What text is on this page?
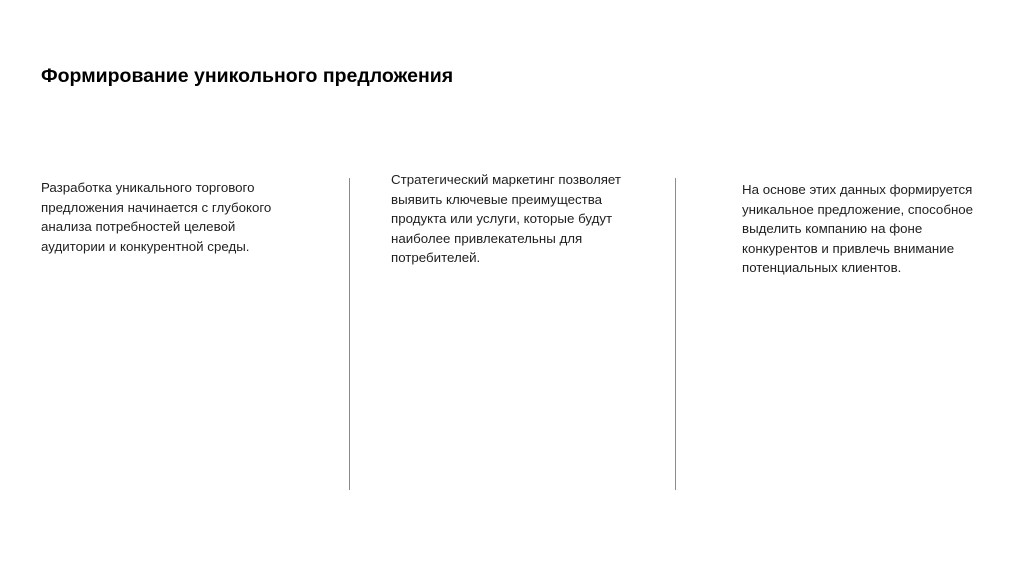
Формирование уникольного предложения
Разработка уникального торгового
предложения начинается с глубокого
анализа потребностей целевой
аудитории и конкурентной среды.
Стратегический маркетинг позволяет
выявить ключевые преимущества
продукта или услуги, которые будут
наиболее привлекательны для
потребителей.
На основе этих данных формируется
уникальное предложение, способное
выделить компанию на фоне
конкурентов и привлечь внимание
потенциальных клиентов.
